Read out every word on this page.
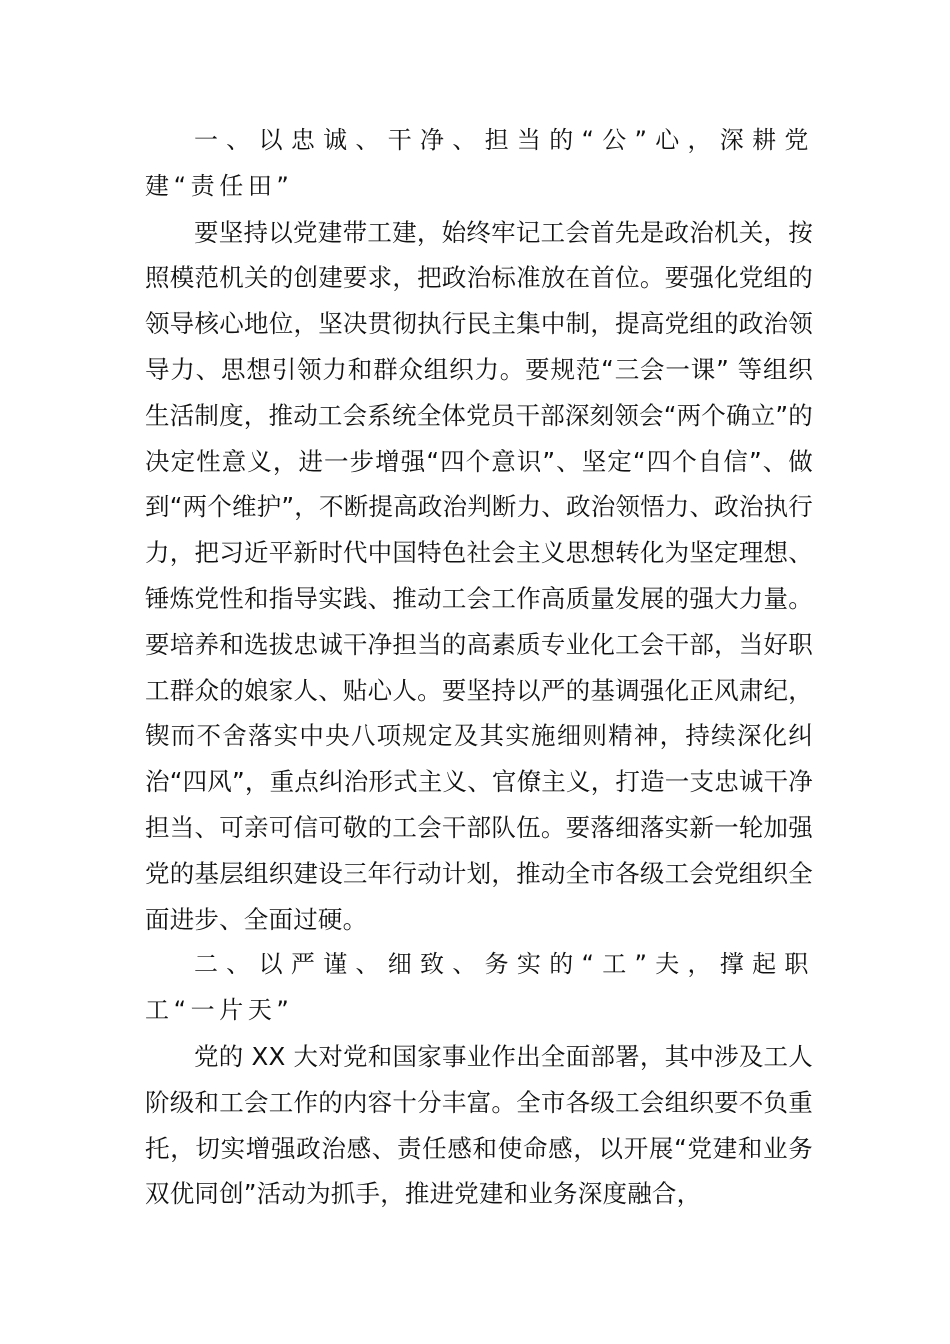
一、以忠诚、干净、担当的“公”心，深耕党建“责任田”

要坚持以党建带工建，始终牢记工会首先是政治机关，按照模范机关的创建要求，把政治标准放在首位。要强化党组的领导核心地位，坚决贯彻执行民主集中制，提高党组的政治领导力、思想引领力和群众组织力。要规范“三会一课” 等组织生活制度，推动工会系统全体党员干部深刻领会“两个确立”的决定性意义，进一步增强“四个意识”、坚定“四个自信”、做到“两个维护”，不断提高政治判断力、政治领悟力、政治执行力，把习近平新时代中国特色社会主义思想转化为坚定理想、锤炼党性和指导实践、推动工会工作高质量发展的强大力量。要培养和选拔忠诚干净担当的高素质专业化工会干部，当好职工群众的娘家人、贴心人。要坚持以严的基调强化正风肃纪，锲而不舍落实中央八项规定及其实施细则精神，持续深化纠治“四风”，重点纠治形式主义、官僚主义，打造一支忠诚干净担当、可亲可信可敬的工会干部队伍。要落细落实新一轮加强党的基层组织建设三年行动计划，推动全市各级工会党组织全面进步、全面过硬。

二、以严谨、细致、务实的“工”夫，撑起职工“一片天”

党的 XX 大对党和国家事业作出全面部署，其中涉及工人阶级和工会工作的内容十分丰富。全市各级工会组织要不负重托，切实增强政治感、责任感和使命感，以开展“党建和业务双优同创”活动为抓手，推进党建和业务深度融合，
